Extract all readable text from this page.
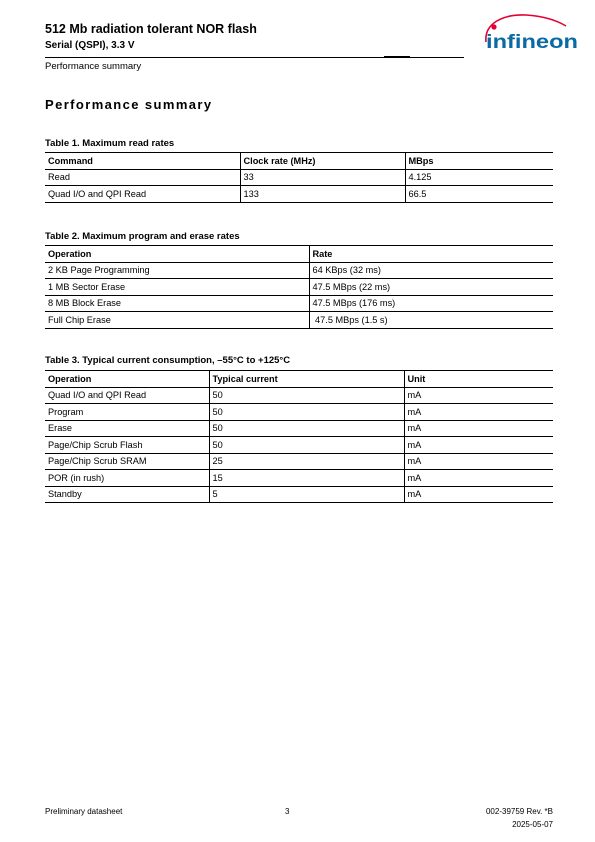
512 Mb radiation tolerant NOR flash
Serial (QSPI), 3.3 V
Performance summary
infineon
Performance summary
Table 1. Maximum read rates
Command	Clock rate (MHz)	MBps
Read	33	4.125
Quad I/O and QPI Read	133	66.5
Table 2. Maximum program and erase rates
Operation	Rate
2 KB Page Programming	64 KBps (32 ms)
1 MB Sector Erase	47.5 MBps (22 ms)
8 MB Block Erase	47.5 MBps (176 ms)
Full Chip Erase	47.5 MBps (1.5 s)
Table 3. Typical current consumption, –55°C to +125°C
Operation	Typical current	Unit
Quad I/O and QPI Read	50	mA
Program	50	mA
Erase	50	mA
Page/Chip Scrub Flash	50	mA
Page/Chip Scrub SRAM	25	mA
POR (in rush)	15	mA
Standby	5	mA
Preliminary datasheet	3	002-39759 Rev. *B
2025-05-07
